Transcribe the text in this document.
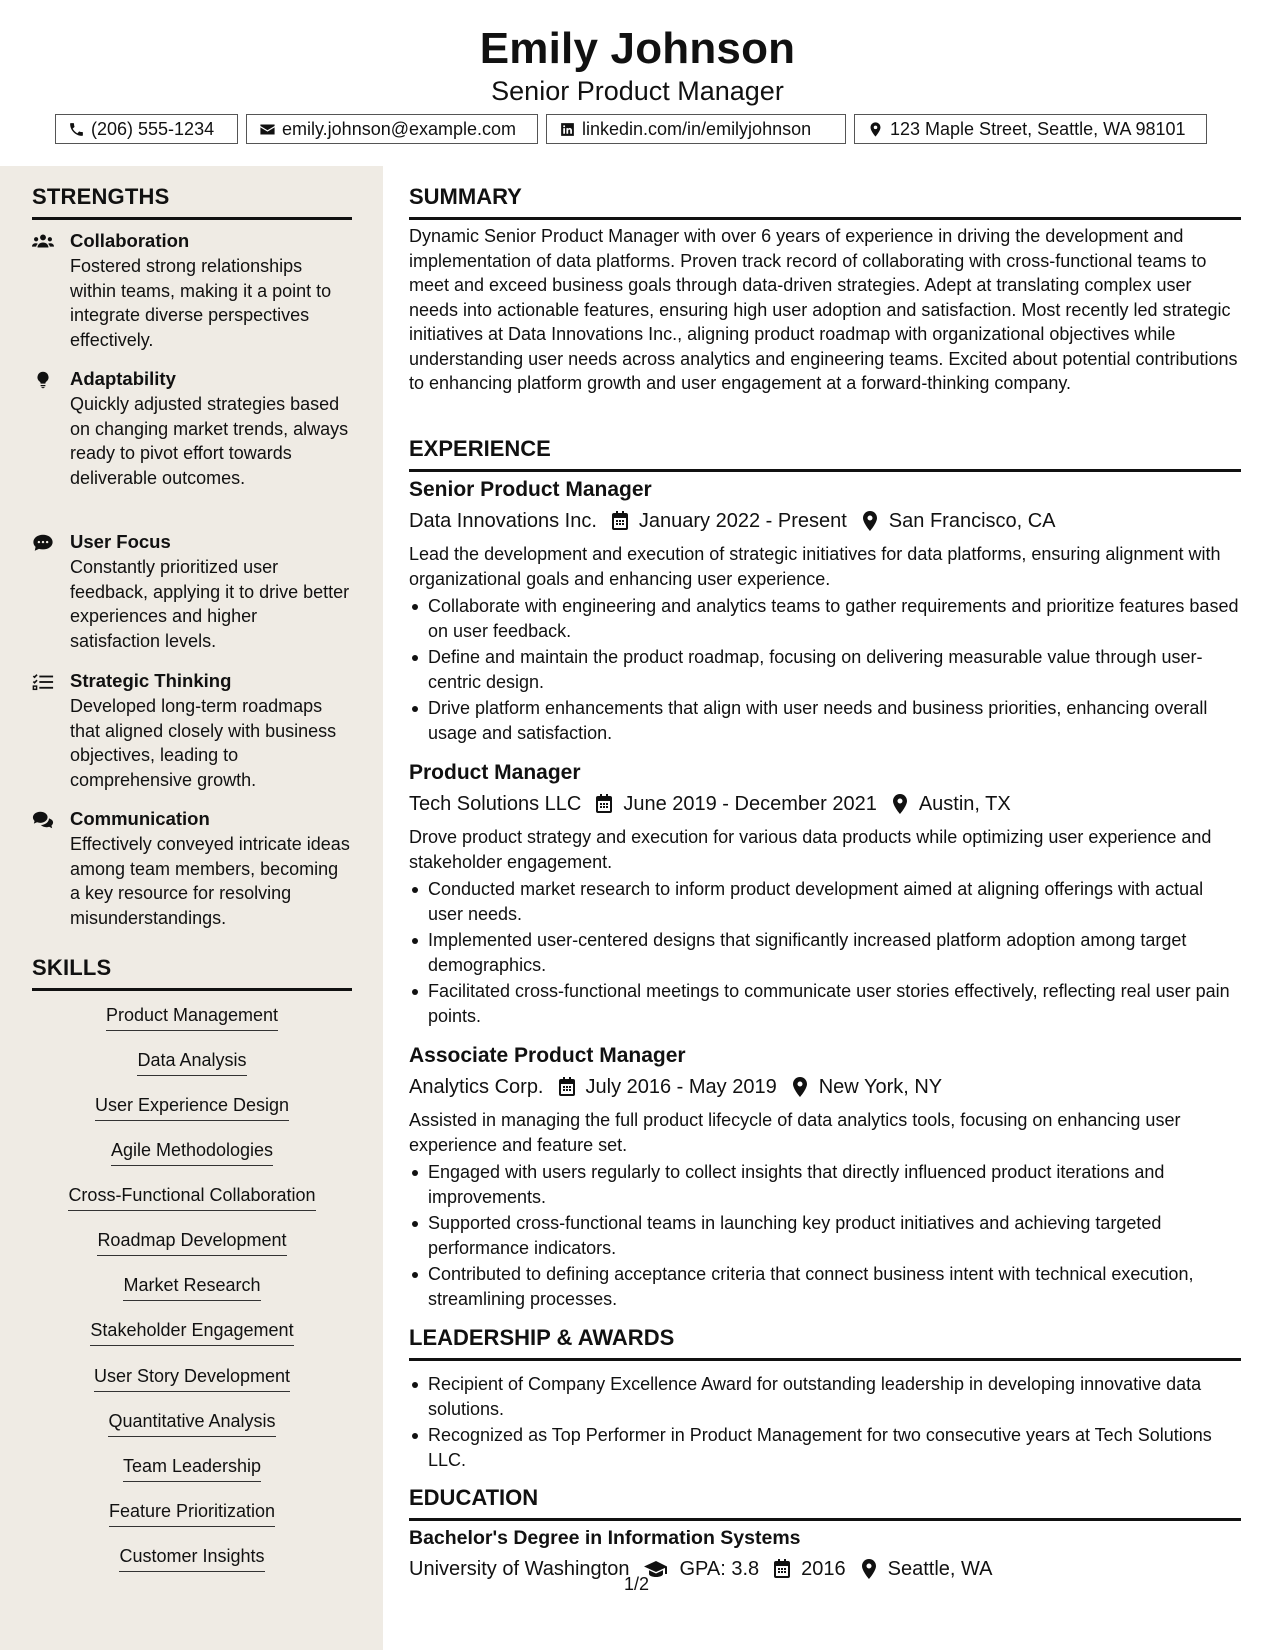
Emily Johnson
Senior Product Manager
(206) 555-1234	emily.johnson@example.com	linkedin.com/in/emilyjohnson	123 Maple Street, Seattle, WA 98101
STRENGTHS
Collaboration
Fostered strong relationships within teams, making it a point to integrate diverse perspectives effectively.
Adaptability
Quickly adjusted strategies based on changing market trends, always ready to pivot effort towards deliverable outcomes.
User Focus
Constantly prioritized user feedback, applying it to drive better experiences and higher satisfaction levels.
Strategic Thinking
Developed long-term roadmaps that aligned closely with business objectives, leading to comprehensive growth.
Communication
Effectively conveyed intricate ideas among team members, becoming a key resource for resolving misunderstandings.
SKILLS
Product Management
Data Analysis
User Experience Design
Agile Methodologies
Cross-Functional Collaboration
Roadmap Development
Market Research
Stakeholder Engagement
User Story Development
Quantitative Analysis
Team Leadership
Feature Prioritization
Customer Insights
SUMMARY
Dynamic Senior Product Manager with over 6 years of experience in driving the development and implementation of data platforms. Proven track record of collaborating with cross-functional teams to meet and exceed business goals through data-driven strategies. Adept at translating complex user needs into actionable features, ensuring high user adoption and satisfaction. Most recently led strategic initiatives at Data Innovations Inc., aligning product roadmap with organizational objectives while understanding user needs across analytics and engineering teams. Excited about potential contributions to enhancing platform growth and user engagement at a forward-thinking company.
EXPERIENCE
Senior Product Manager
Data Innovations Inc. January 2022 - Present San Francisco, CA
Lead the development and execution of strategic initiatives for data platforms, ensuring alignment with organizational goals and enhancing user experience.
Collaborate with engineering and analytics teams to gather requirements and prioritize features based on user feedback.
Define and maintain the product roadmap, focusing on delivering measurable value through user-centric design.
Drive platform enhancements that align with user needs and business priorities, enhancing overall usage and satisfaction.
Product Manager
Tech Solutions LLC June 2019 - December 2021 Austin, TX
Drove product strategy and execution for various data products while optimizing user experience and stakeholder engagement.
Conducted market research to inform product development aimed at aligning offerings with actual user needs.
Implemented user-centered designs that significantly increased platform adoption among target demographics.
Facilitated cross-functional meetings to communicate user stories effectively, reflecting real user pain points.
Associate Product Manager
Analytics Corp. July 2016 - May 2019 New York, NY
Assisted in managing the full product lifecycle of data analytics tools, focusing on enhancing user experience and feature set.
Engaged with users regularly to collect insights that directly influenced product iterations and improvements.
Supported cross-functional teams in launching key product initiatives and achieving targeted performance indicators.
Contributed to defining acceptance criteria that connect business intent with technical execution, streamlining processes.
LEADERSHIP & AWARDS
Recipient of Company Excellence Award for outstanding leadership in developing innovative data solutions.
Recognized as Top Performer in Product Management for two consecutive years at Tech Solutions LLC.
EDUCATION
Bachelor's Degree in Information Systems
University of Washington	GPA: 3.8 2016 Seattle, WA
1/2
